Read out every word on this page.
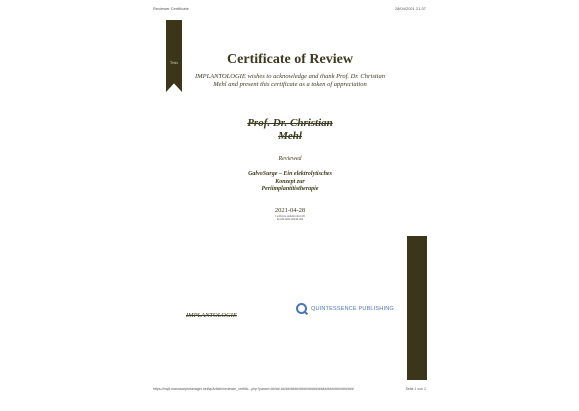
Reviewer Certificate	28/04/2021 21:37
Tests	Certificate of Review
IMPLANTOLOGIE wishes to acknowledge and thank Prof. Dr. Christian Mehl and present this certificate as a token of appreciation
Prof. Dr. Christian
Mehl
Reviewed
GalvoSurge – Ein elektrolytisches
Konzept zur
Periimplantitistherapie
2021-04-28
Certificate authentication ID
##-###-####-###/##-###
IMPLANTOLOGIE
QUINTESSENCE PUBLISHING
https://mqit.manuscriptmanager.net/iq/Article/reviewer_certific...php?param=##/##.##/##/####/####/#####/####/###/###/###/###	Seite 1 von 1
